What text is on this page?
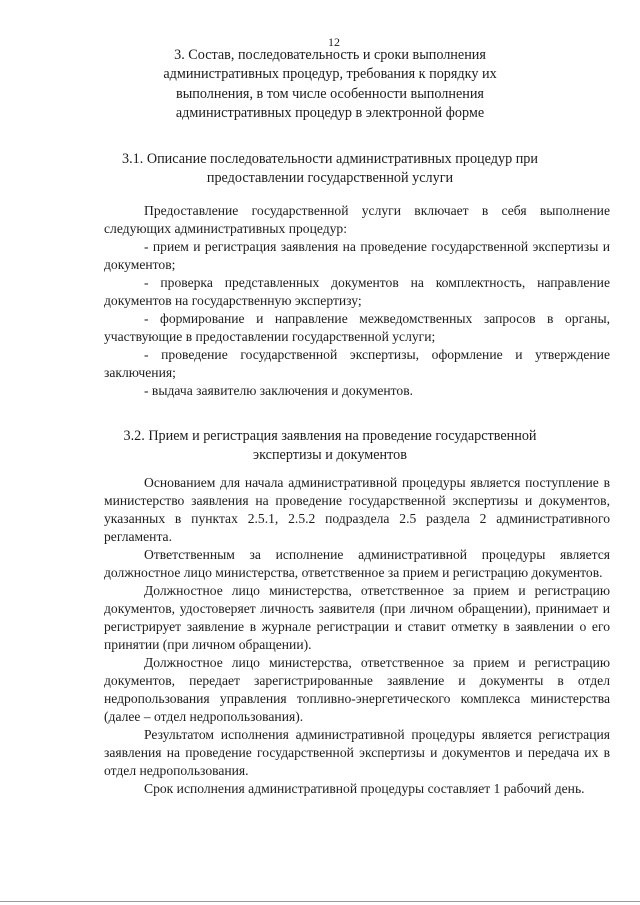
12
3. Состав, последовательность и сроки выполнения
административных процедур, требования к порядку их
выполнения, в том числе особенности выполнения
административных процедур в электронной форме
3.1. Описание последовательности административных процедур при
предоставлении государственной услуги

Предоставление государственной услуги включает в себя выполнение следующих административных процедур:

- прием и регистрация заявления на проведение государственной экспертизы и документов;

- проверка представленных документов на комплектность, направление документов на государственную экспертизу;

- формирование и направление межведомственных запросов в органы, участвующие в предоставлении государственной услуги;

- проведение государственной экспертизы, оформление и утверждение заключения;

- выдача заявителю заключения и документов.

3.2. Прием и регистрация заявления на проведение государственной
экспертизы и документов

Основанием для начала административной процедуры является поступление в министерство заявления на проведение государственной экспертизы и документов, указанных в пунктах 2.5.1, 2.5.2 подраздела 2.5 раздела 2 административного регламента.

Ответственным за исполнение административной процедуры является должностное лицо министерства, ответственное за прием и регистрацию документов.

Должностное лицо министерства, ответственное за прием и регистрацию документов, удостоверяет личность заявителя (при личном обращении), принимает и регистрирует заявление в журнале регистрации и ставит отметку в заявлении о его принятии (при личном обращении).

Должностное лицо министерства, ответственное за прием и регистрацию документов, передает зарегистрированные заявление и документы в отдел недропользования управления топливно-энергетического комплекса министерства (далее – отдел недропользования).

Результатом исполнения административной процедуры является регистрация заявления на проведение государственной экспертизы и документов и передача их в отдел недропользования.

Срок исполнения административной процедуры составляет 1 рабочий день.
